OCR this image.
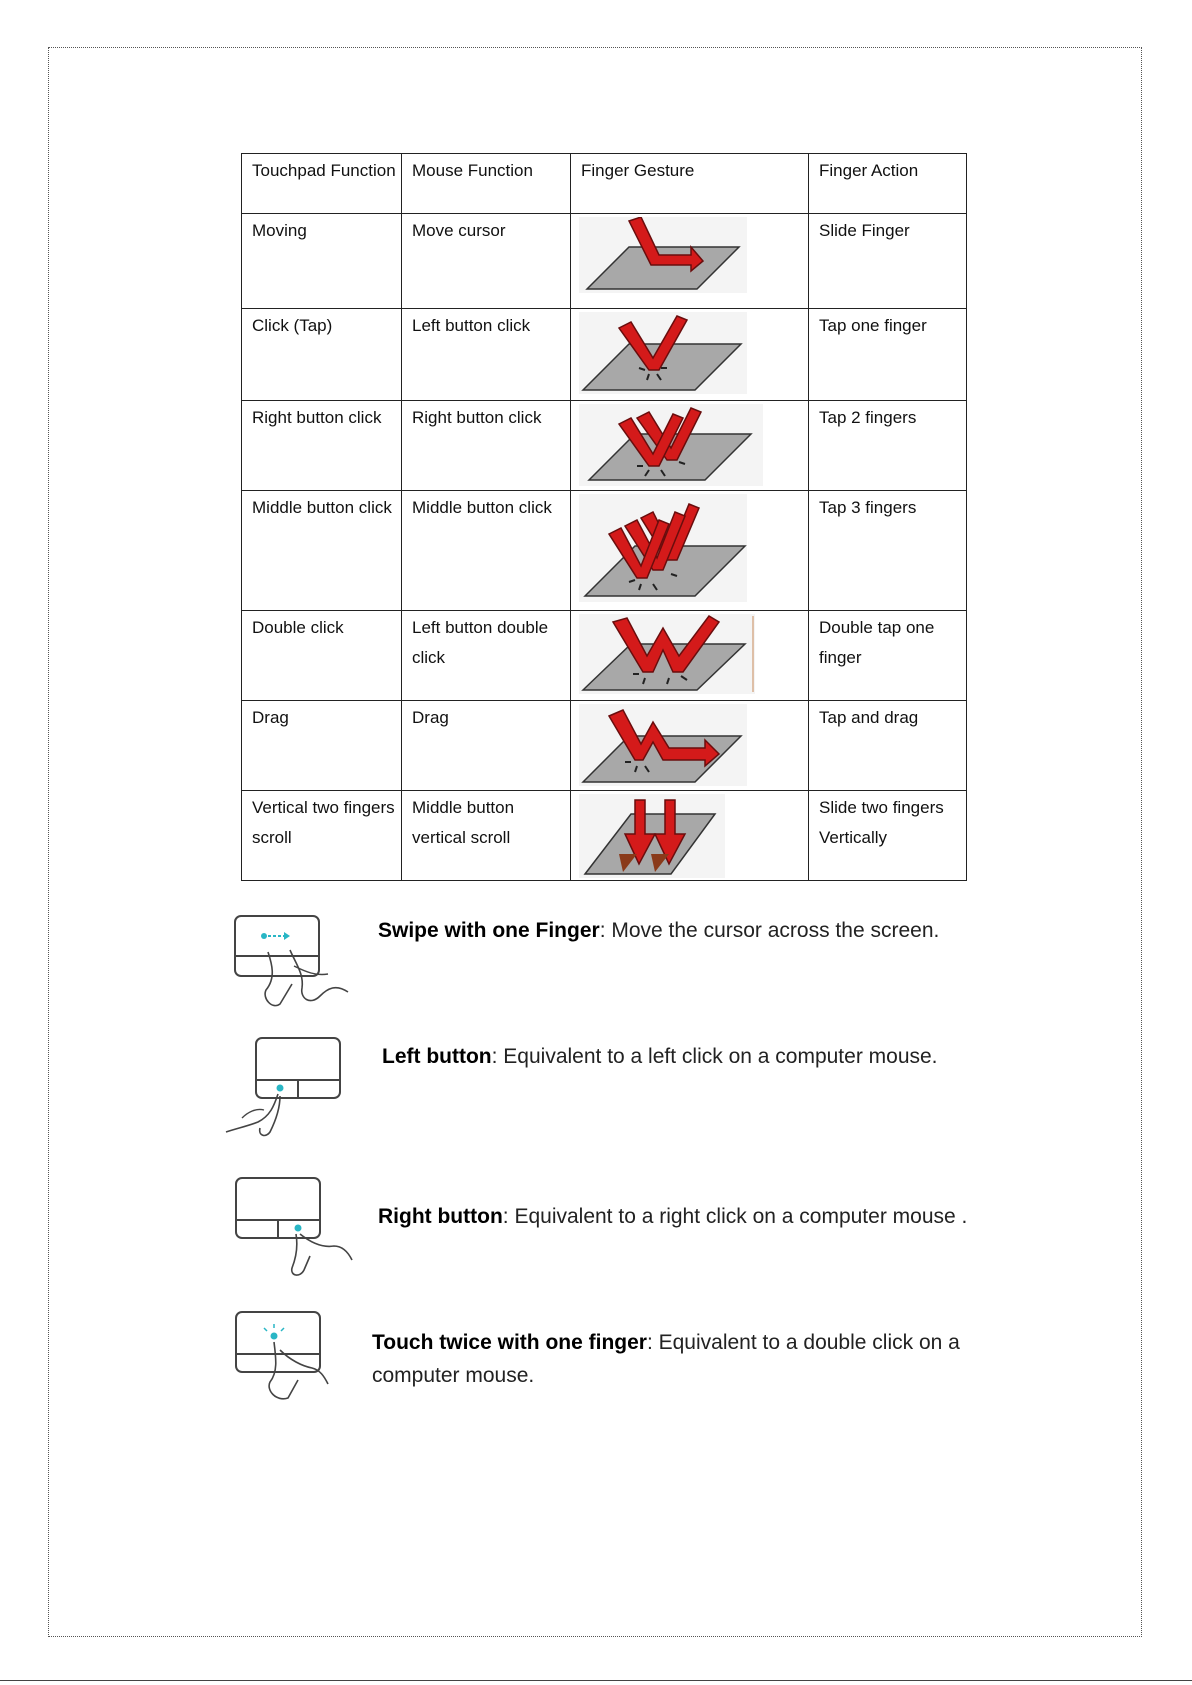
Touchpad Function	Mouse Function	Finger Gesture	Finger Action
Moving	Move cursor		Slide Finger
Click (Tap)	Left button click		Tap one finger
Right button click	Right button click		Tap 2 fingers
Middle button click	Middle button click		Tap 3 fingers
Double click	Left button double click		Double tap one finger
Drag	Drag		Tap and drag
Vertical two fingers scroll	Middle button vertical scroll		Slide two fingers Vertically
Swipe with one Finger: Move the cursor across the screen.
Left button: Equivalent to a left click on a computer mouse.
Right button: Equivalent to a right click on a computer mouse .
Touch twice with one finger: Equivalent to a double click on a computer mouse.
